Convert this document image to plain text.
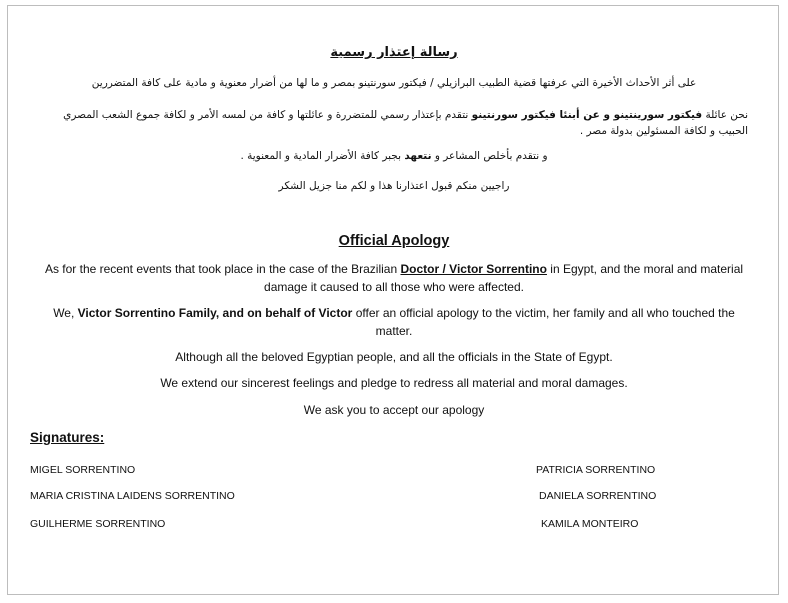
رسالة إعتذار رسمية
على أثر الأحداث الأخيرة التي عرفتها قضية الطبيب البرازيلي / فيكتور سورنتينو بمصر و ما لها من أضرار معنوية و مادية على كافة المتضررين
نحن عائلة فيكتور سورينتينو و عن أبنئا فيكتور سورنتينو نتقدم بإعتذار رسمي للمتضررة و عائلتها و كافة من لمسه الأمر و لكافة جموع الشعب المصري الحبيب و لكافة المسئولين بدولة مصر .
و نتقدم بأخلص المشاعر و نتعهد بجبر كافة الأضرار المادية و المعنوية .
راجيين منكم قبول اعتذارنا هذا و لكم منا جزيل الشكر
Official Apology
As for the recent events that took place in the case of the Brazilian Doctor / Victor Sorrentino in Egypt, and the moral and material damage it caused to all those who were affected.
We, Victor Sorrentino Family, and on behalf of Victor offer an official apology to the victim, her family and all who touched the matter.
Although all the beloved Egyptian people, and all the officials in the State of Egypt.
We extend our sincerest feelings and pledge to redress all material and moral damages.
We ask you to accept our apology
Signatures:
MIGEL SORRENTINO
MARIA CRISTINA LAIDENS SORRENTINO
GUILHERME SORRENTINO
PATRICIA SORRENTINO
DANIELA SORRENTINO
KAMILA MONTEIRO
